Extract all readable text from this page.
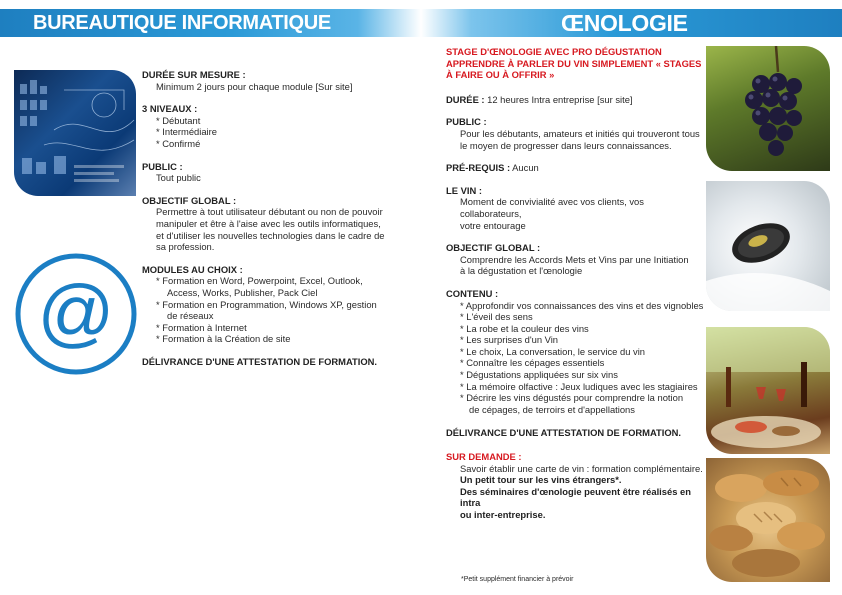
BUREAUTIQUE INFORMATIQUE INTERNET
ŒNOLOGIE
@
DURÉE SUR MESURE :
Minimum 2 jours pour chaque module [Sur site]
3 NIVEAUX :
* Débutant
* Intermédiaire
* Confirmé
PUBLIC :
Tout public
OBJECTIF GLOBAL :
Permettre à tout utilisateur débutant ou non de pouvoir
manipuler et être à l'aise avec les outils informatiques,
et d'utiliser les nouvelles technologies dans le cadre de
sa profession.
MODULES AU CHOIX :
* Formation en Word, Powerpoint, Excel, Outlook,
Access, Works, Publisher, Pack Ciel
* Formation en Programmation, Windows XP, gestion
de réseaux
* Formation à Internet
* Formation à la Création de site
DÉLIVRANCE D'UNE ATTESTATION DE FORMATION.
STAGE D'ŒNOLOGIE AVEC PRO DÉGUSTATION
APPRENDRE À PARLER DU VIN SIMPLEMENT « STAGES
À FAIRE OU À OFFRIR »
DURÉE : 12 heures Intra entreprise [sur site]
PUBLIC :
Pour les débutants, amateurs et initiés qui trouveront tous
le moyen de progresser dans leurs connaissances.
PRÉ-REQUIS : Aucun
LE VIN :
Moment de convivialité avec vos clients, vos collaborateurs,
votre entourage
OBJECTIF GLOBAL :
Comprendre les Accords Mets et Vins par une Initiation
à la dégustation et l'œnologie
CONTENU :
* Approfondir vos connaissances des vins et des vignobles
* L'éveil des sens
* La robe et la couleur des vins
* Les surprises d'un Vin
* Le choix, La conversation, le service du vin
* Connaître les cépages essentiels
* Dégustations appliquées sur six vins
* La mémoire olfactive : Jeux ludiques avec les stagiaires
* Décrire les vins dégustés pour comprendre la notion
de cépages, de terroirs et d'appellations
DÉLIVRANCE D'UNE ATTESTATION DE FORMATION.
SUR DEMANDE :
Savoir établir une carte de vin : formation complémentaire.
Un petit tour sur les vins étrangers*.
Des séminaires d'œnologie peuvent être réalisés en intra
ou inter-entreprise.
*Petit supplément financier à prévoir
